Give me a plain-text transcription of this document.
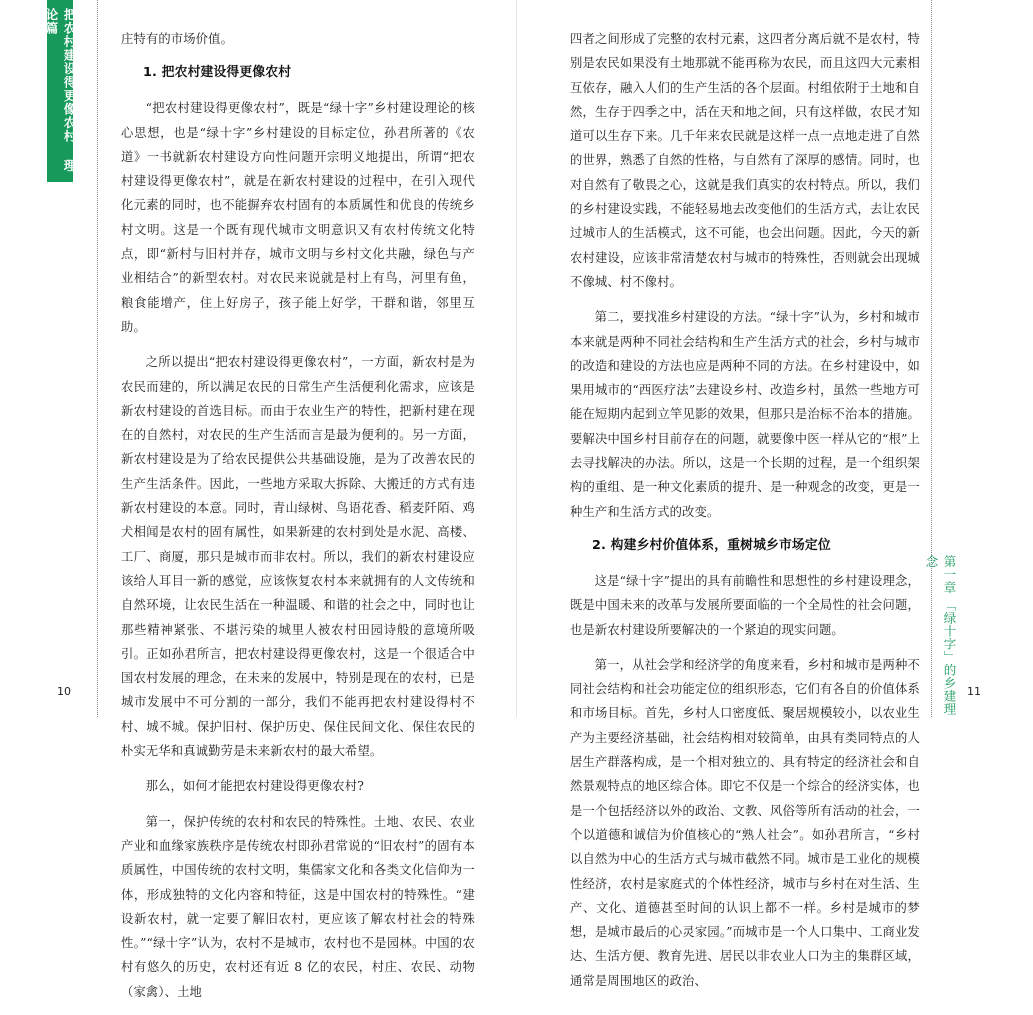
把农村建设得更像农村 理论篇

庄特有的市场价值。

1. 把农村建设得更像农村

“把农村建设得更像农村”，既是“绿十字”乡村建设理论的核心思想，也是“绿十字”乡村建设的目标定位，孙君所著的《农道》一书就新农村建设方向性问题开宗明义地提出，所谓“把农村建设得更像农村”，就是在新农村建设的过程中，在引入现代化元素的同时，也不能摒弃农村固有的本质属性和优良的传统乡村文明。这是一个既有现代城市文明意识又有农村传统文化特点，即“新村与旧村并存，城市文明与乡村文化共融，绿色与产业相结合”的新型农村。对农民来说就是村上有鸟，河里有鱼，粮食能增产，住上好房子，孩子能上好学，干群和谐，邻里互助。

之所以提出“把农村建设得更像农村”，一方面，新农村是为农民而建的，所以满足农民的日常生产生活便利化需求，应该是新农村建设的首选目标。而由于农业生产的特性，把新村建在现在的自然村，对农民的生产生活而言是最为便利的。另一方面，新农村建设是为了给农民提供公共基础设施，是为了改善农民的生产生活条件。因此，一些地方采取大拆除、大搬迁的方式有违新农村建设的本意。同时，青山绿树、鸟语花香、稻麦阡陌、鸡犬相闻是农村的固有属性，如果新建的农村到处是水泥、高楼、工厂、商厦，那只是城市而非农村。所以，我们的新农村建设应该给人耳目一新的感觉，应该恢复农村本来就拥有的人文传统和自然环境，让农民生活在一种温暖、和谐的社会之中，同时也让那些精神紧张、不堪污染的城里人被农村田园诗般的意境所吸引。正如孙君所言，把农村建设得更像农村，这是一个很适合中国农村发展的理念，在未来的发展中，特别是现在的农村，已是城市发展中不可分割的一部分，我们不能再把农村建设得村不村、城不城。保护旧村、保护历史、保住民间文化、保住农民的朴实无华和真诚勤劳是未来新农村的最大希望。

那么，如何才能把农村建设得更像农村?

第一，保护传统的农村和农民的特殊性。土地、农民、农业产业和血缘家族秩序是传统农村即孙君常说的“旧农村”的固有本质属性，中国传统的农村文明，集儒家文化和各类文化信仰为一体，形成独特的文化内容和特征，这是中国农村的特殊性。“建设新农村，就一定要了解旧农村，更应该了解农村社会的特殊性。”“绿十字”认为，农村不是城市，农村也不是园林。中国的农村有悠久的历史，农村还有近 8 亿的农民，村庄、农民、动物（家禽）、土地

10

四者之间形成了完整的农村元素，这四者分离后就不是农村，特别是农民如果没有土地那就不能再称为农民，而且这四大元素相互依存，融入人们的生产生活的各个层面。村组依附于土地和自然，生存于四季之中，活在天和地之间，只有这样做，农民才知道可以生存下来。几千年来农民就是这样一点一点地走进了自然的世界，熟悉了自然的性格，与自然有了深厚的感情。同时，也对自然有了敬畏之心，这就是我们真实的农村特点。所以，我们的乡村建设实践，不能轻易地去改变他们的生活方式，去让农民过城市人的生活模式，这不可能，也会出问题。因此，今天的新农村建设，应该非常清楚农村与城市的特殊性，否则就会出现城不像城、村不像村。

第二，要找准乡村建设的方法。“绿十字”认为，乡村和城市本来就是两种不同社会结构和生产生活方式的社会，乡村与城市的改造和建设的方法也应是两种不同的方法。在乡村建设中，如果用城市的“西医疗法”去建设乡村、改造乡村，虽然一些地方可能在短期内起到立竿见影的效果，但那只是治标不治本的措施。要解决中国乡村目前存在的问题，就要像中医一样从它的“根”上去寻找解决的办法。所以，这是一个长期的过程，是一个组织架构的重组、是一种文化素质的提升、是一种观念的改变，更是一种生产和生活方式的改变。

2. 构建乡村价值体系，重树城乡市场定位

这是“绿十字”提出的具有前瞻性和思想性的乡村建设理念，既是中国未来的改革与发展所要面临的一个全局性的社会问题，也是新农村建设所要解决的一个紧迫的现实问题。

第一，从社会学和经济学的角度来看，乡村和城市是两种不同社会结构和社会功能定位的组织形态，它们有各自的价值体系和市场目标。首先，乡村人口密度低、聚居规模较小，以农业生产为主要经济基础，社会结构相对较简单，由具有类同特点的人居生产群落构成，是一个相对独立的、具有特定的经济社会和自然景观特点的地区综合体。即它不仅是一个综合的经济实体，也是一个包括经济以外的政治、文教、风俗等所有活动的社会，一个以道德和诚信为价值核心的“熟人社会”。如孙君所言，“乡村以自然为中心的生活方式与城市截然不同。城市是工业化的规模性经济，农村是家庭式的个体性经济，城市与乡村在对生活、生产、文化、道德甚至时间的认识上都不一样。乡村是城市的梦想，是城市最后的心灵家园。”而城市是一个人口集中、工商业发达、生活方便、教育先进、居民以非农业人口为主的集群区域，通常是周围地区的政治、

第一章 「绿十字」的乡建理念
11
